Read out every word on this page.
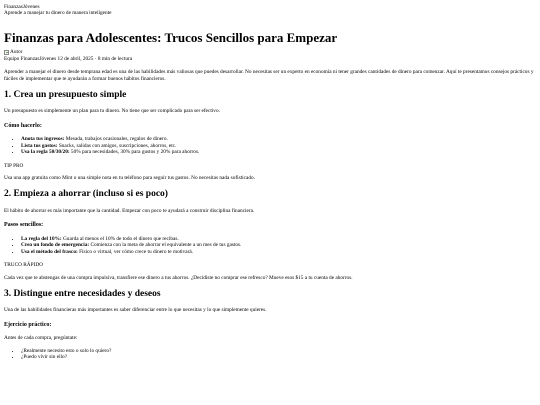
FinanzasJóvenes
Aprende a manejar tu dinero de manera inteligente
Finanzas para Adolescentes: Trucos Sencillos para Empezar
Autor
Equipo FinanzasJóvenes 12 de abril, 2025 · 8 min de lectura

Aprender a manejar el dinero desde temprana edad es una de las habilidades más valiosas que puedes desarrollar. No necesitas ser un experto en economía ni tener grandes cantidades de dinero para comenzar. Aquí te presentamos consejos prácticos y fáciles de implementar que te ayudarán a formar buenos hábitos financieros.

1. Crea un presupuesto simple

Un presupuesto es simplemente un plan para tu dinero. No tiene que ser complicado para ser efectivo.

Cómo hacerlo:
• Anota tus ingresos: Mesada, trabajos ocasionales, regalos de dinero.
• Lista tus gastos: Snacks, salidas con amigos, suscripciones, ahorros, etc.
• Usa la regla 50/30/20: 50% para necesidades, 30% para gustos y 20% para ahorros.
TIP PRO

Usa una app gratuita como Mint o una simple nota en tu teléfono para seguir tus gastos. No necesitas nada sofisticado.

2. Empieza a ahorrar (incluso si es poco)

El hábito de ahorrar es más importante que la cantidad. Empezar con poco te ayudará a construir disciplina financiera.

Pasos sencillos:
• La regla del 10%: Guarda al menos el 10% de todo el dinero que recibas.
• Crea un fondo de emergencia: Comienza con la meta de ahorrar el equivalente a un mes de tus gastos.
• Usa el método del frasco: Físico o virtual, ver cómo crece tu dinero te motivará.
TRUCO RÁPIDO

Cada vez que te abstengas de una compra impulsiva, transfiere ese dinero a tus ahorros. ¿Decidiste no comprar ese refresco? Mueve esos $15 a tu cuenta de ahorros.

3. Distingue entre necesidades y deseos

Una de las habilidades financieras más importantes es saber diferenciar entre lo que necesitas y lo que simplemente quieres.

Ejercicio práctico:

Antes de cada compra, pregúntate:

• ¿Realmente necesito esto o solo lo quiero?
• ¿Puedo vivir sin ello?
